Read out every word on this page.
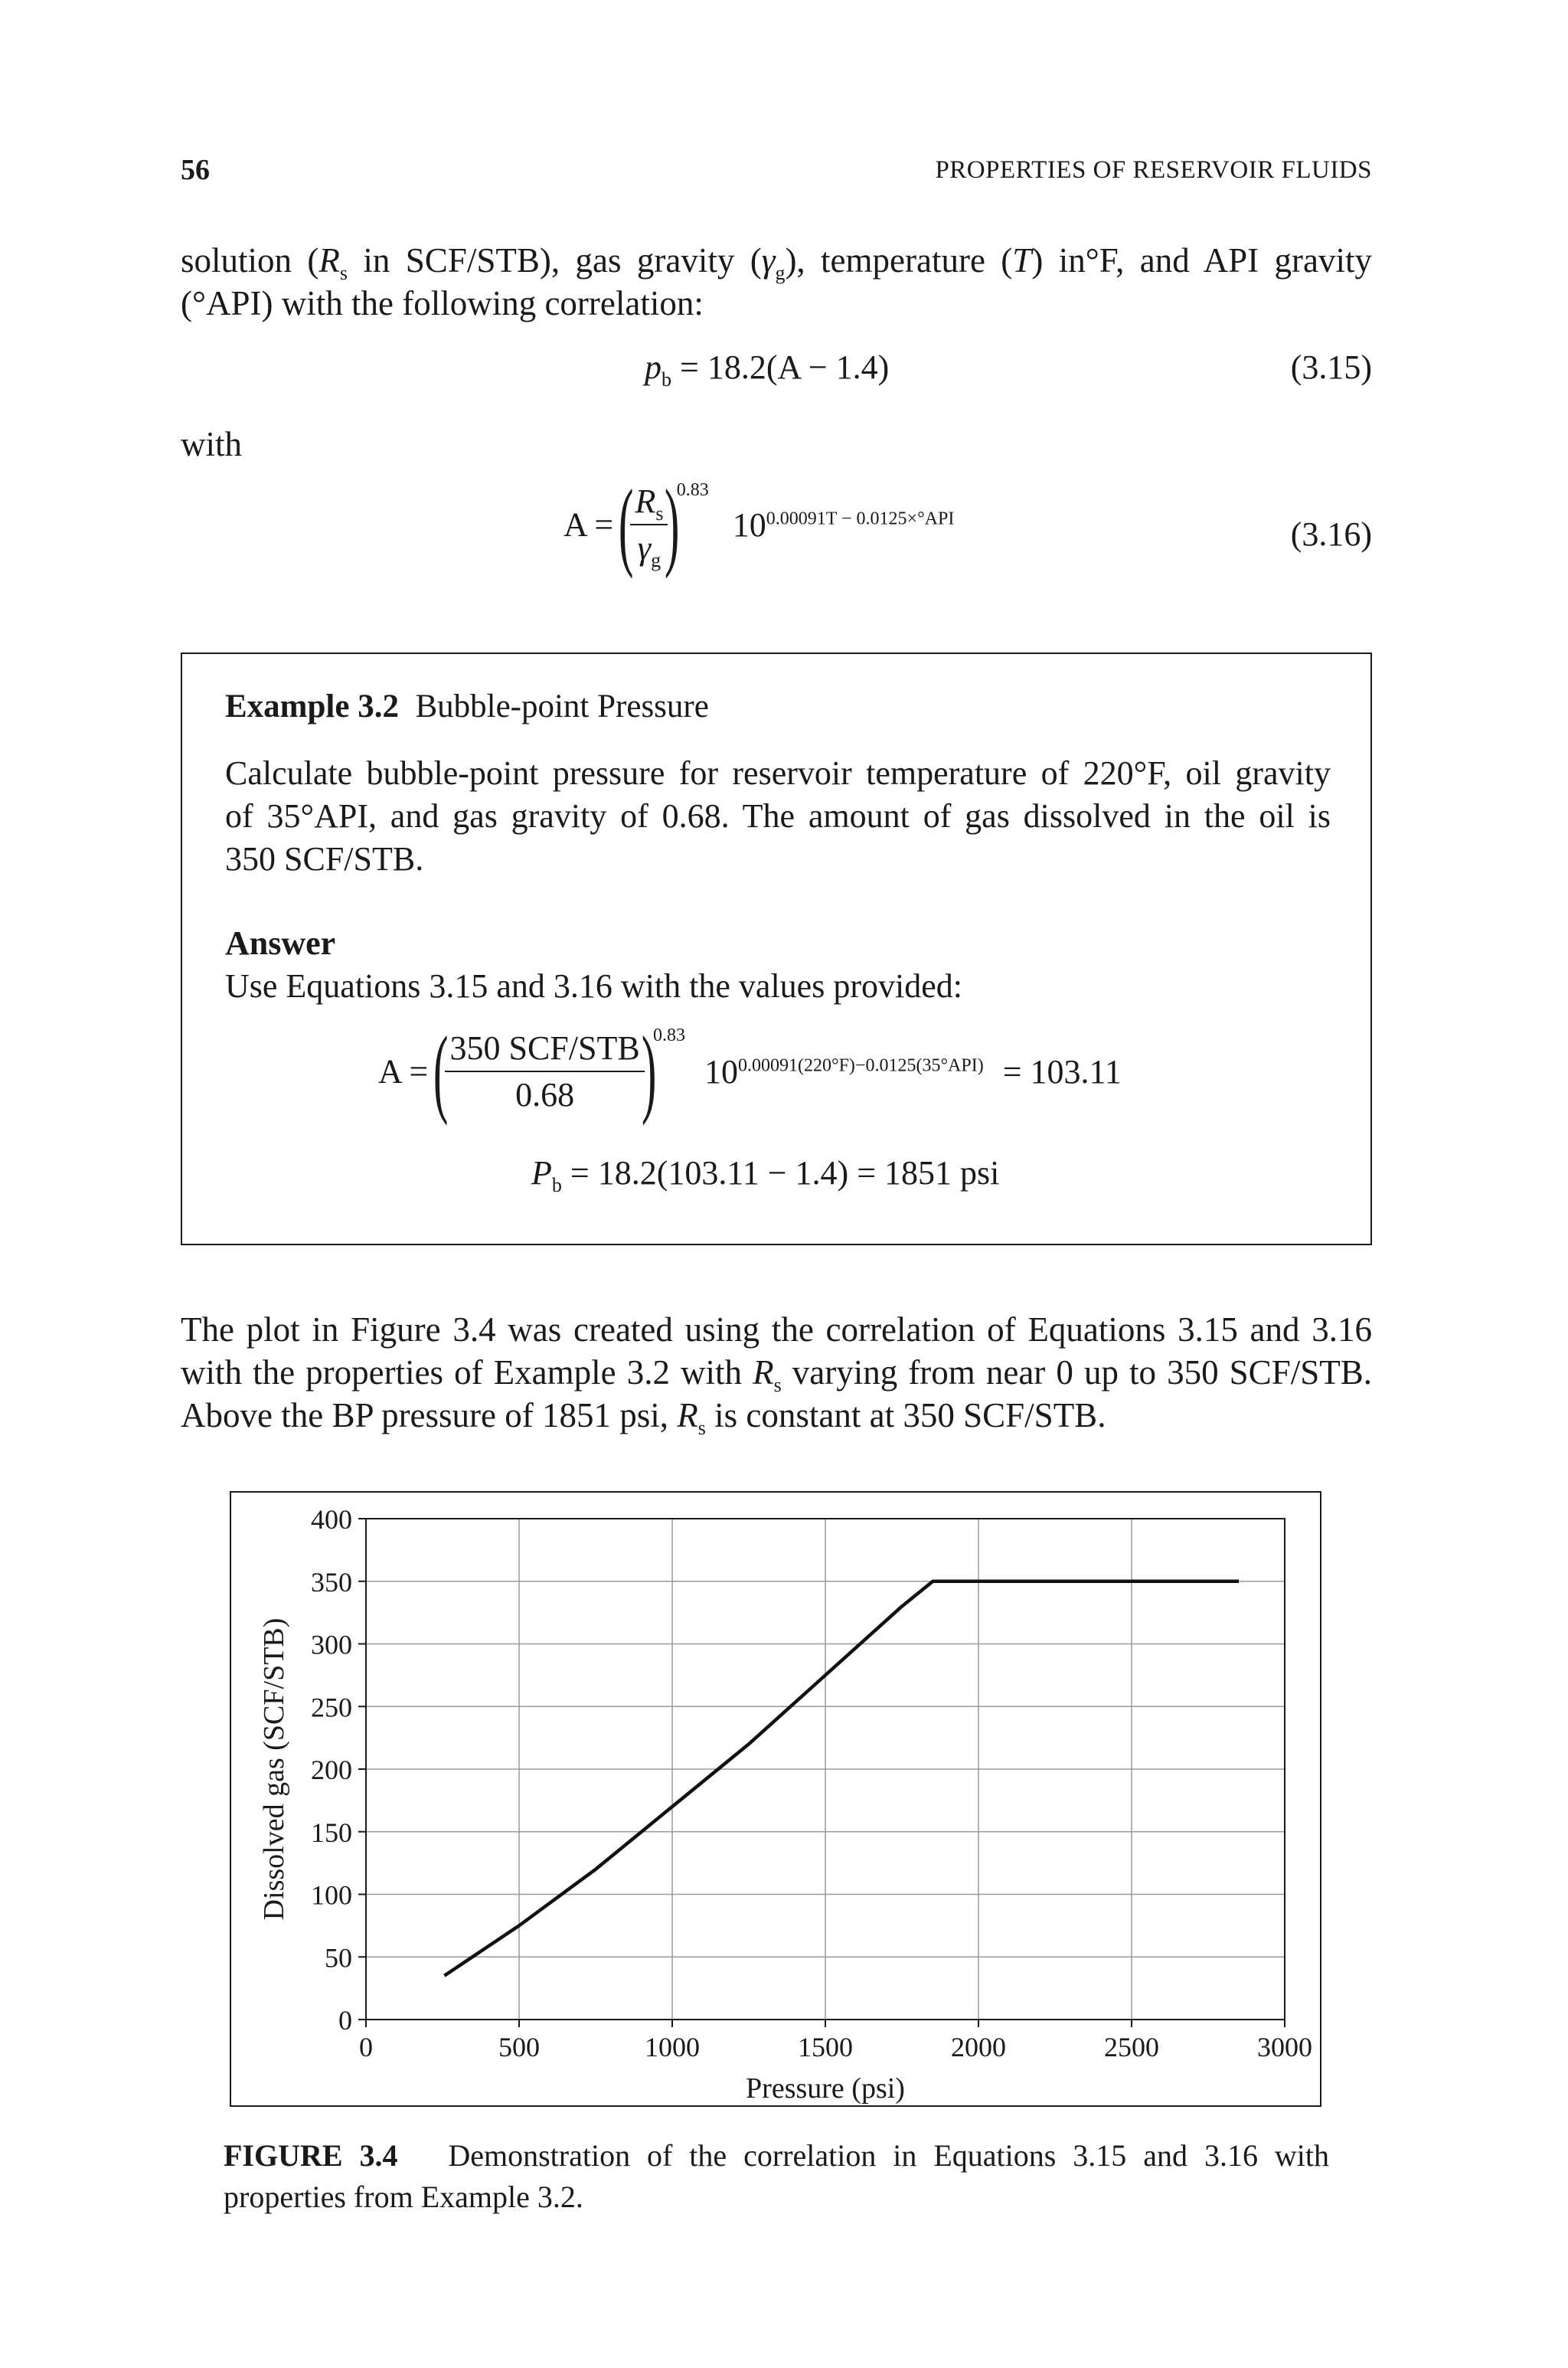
56	PROPERTIES OF RESERVOIR FLUIDS
solution ($R_s$ in SCF/STB), gas gravity $(\gamma_g)$, temperature (T) in°F, and API gravity
(°API) with the following correlation:
$p_b = 18.2(A - 1.4)$	(3.15)
with
A = (
$\frac{R_s}{\gamma_g}$
)$^{0.83}$ $10^{0.00091T - 0.0125\times^\circ API}$	(3.16)
Example 3.2 Bubble-point Pressure
Calculate bubble-point pressure for reservoir temperature of 220°F, oil gravity
of 35°API, and gas gravity of 0.68. The amount of gas dissolved in the oil is
350 SCF/STB.
Answer
Use Equations 3.15 and 3.16 with the values provided:
A = (
$\frac{\text{350 SCF/STB}}{0.68}$
)$^{0.83}$ $10^{0.00091(220^\circ F)-0.0125(35^\circ API)} = 103.11$
$P_b = 18.2(103.11 - 1.4) = 1851$ psi
The plot in Figure 3.4 was created using the correlation of Equations 3.15 and 3.16
with the properties of Example 3.2 with $R_s$ varying from near 0 up to 350 SCF/STB.
Above the BP pressure of 1851 psi, $R_s$ is constant at 350 SCF/STB.
0
50
100
150
200
250
300
350
400
0	500	1000	1500	2000	2500	3000
Pressure (psi)
Dissolved gas (SCF/STB)
FIGURE 3.4 Demonstration of the correlation in Equations 3.15 and 3.16 with
properties from Example 3.2.
